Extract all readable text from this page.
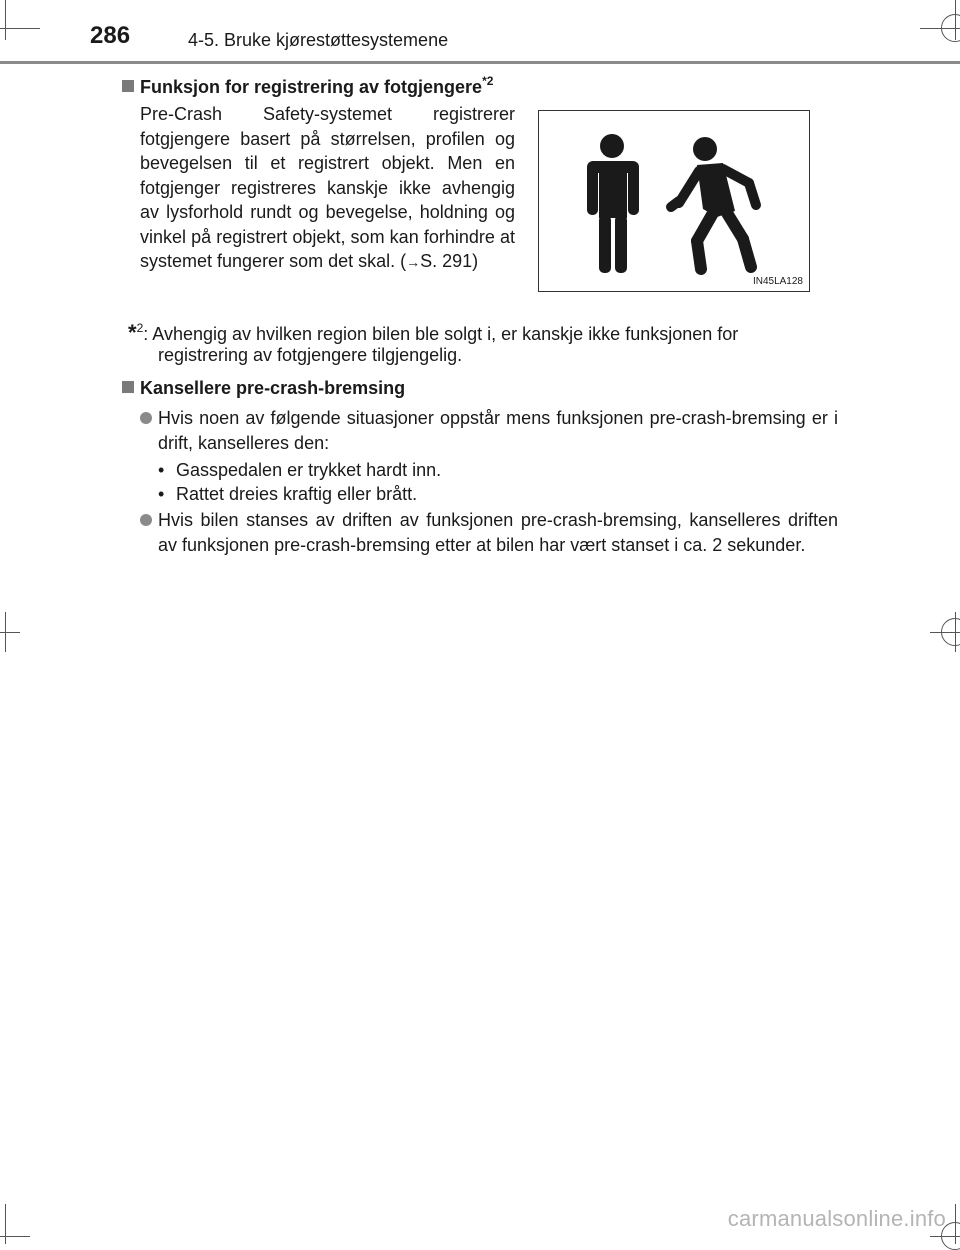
286	4-5. Bruke kjørestøttesystemene
Funksjon for registrering av fotgjengere$^{*2}$
Pre-Crash Safety-systemet registrerer fotgjengere basert på størrelsen, profilen og bevegelsen til et registrert objekt. Men en fotgjenger registreres kanskje ikke avhengig av lysforhold rundt og bevegelse, holdning og vinkel på registrert objekt, som kan forhindre at systemet fungerer som det skal. (→S. 291)
IN45LA128
*$^2$: Avhengig av hvilken region bilen ble solgt i, er kanskje ikke funksjonen for
registrering av fotgjengere tilgjengelig.
Kansellere pre-crash-bremsing
Hvis noen av følgende situasjoner oppstår mens funksjonen pre-crash-bremsing er i drift, kanselleres den:
• Gasspedalen er trykket hardt inn.
• Rattet dreies kraftig eller brått.
Hvis bilen stanses av driften av funksjonen pre-crash-bremsing, kanselleres driften av funksjonen pre-crash-bremsing etter at bilen har vært stanset i ca. 2 sekunder.
carmanualsonline.info
